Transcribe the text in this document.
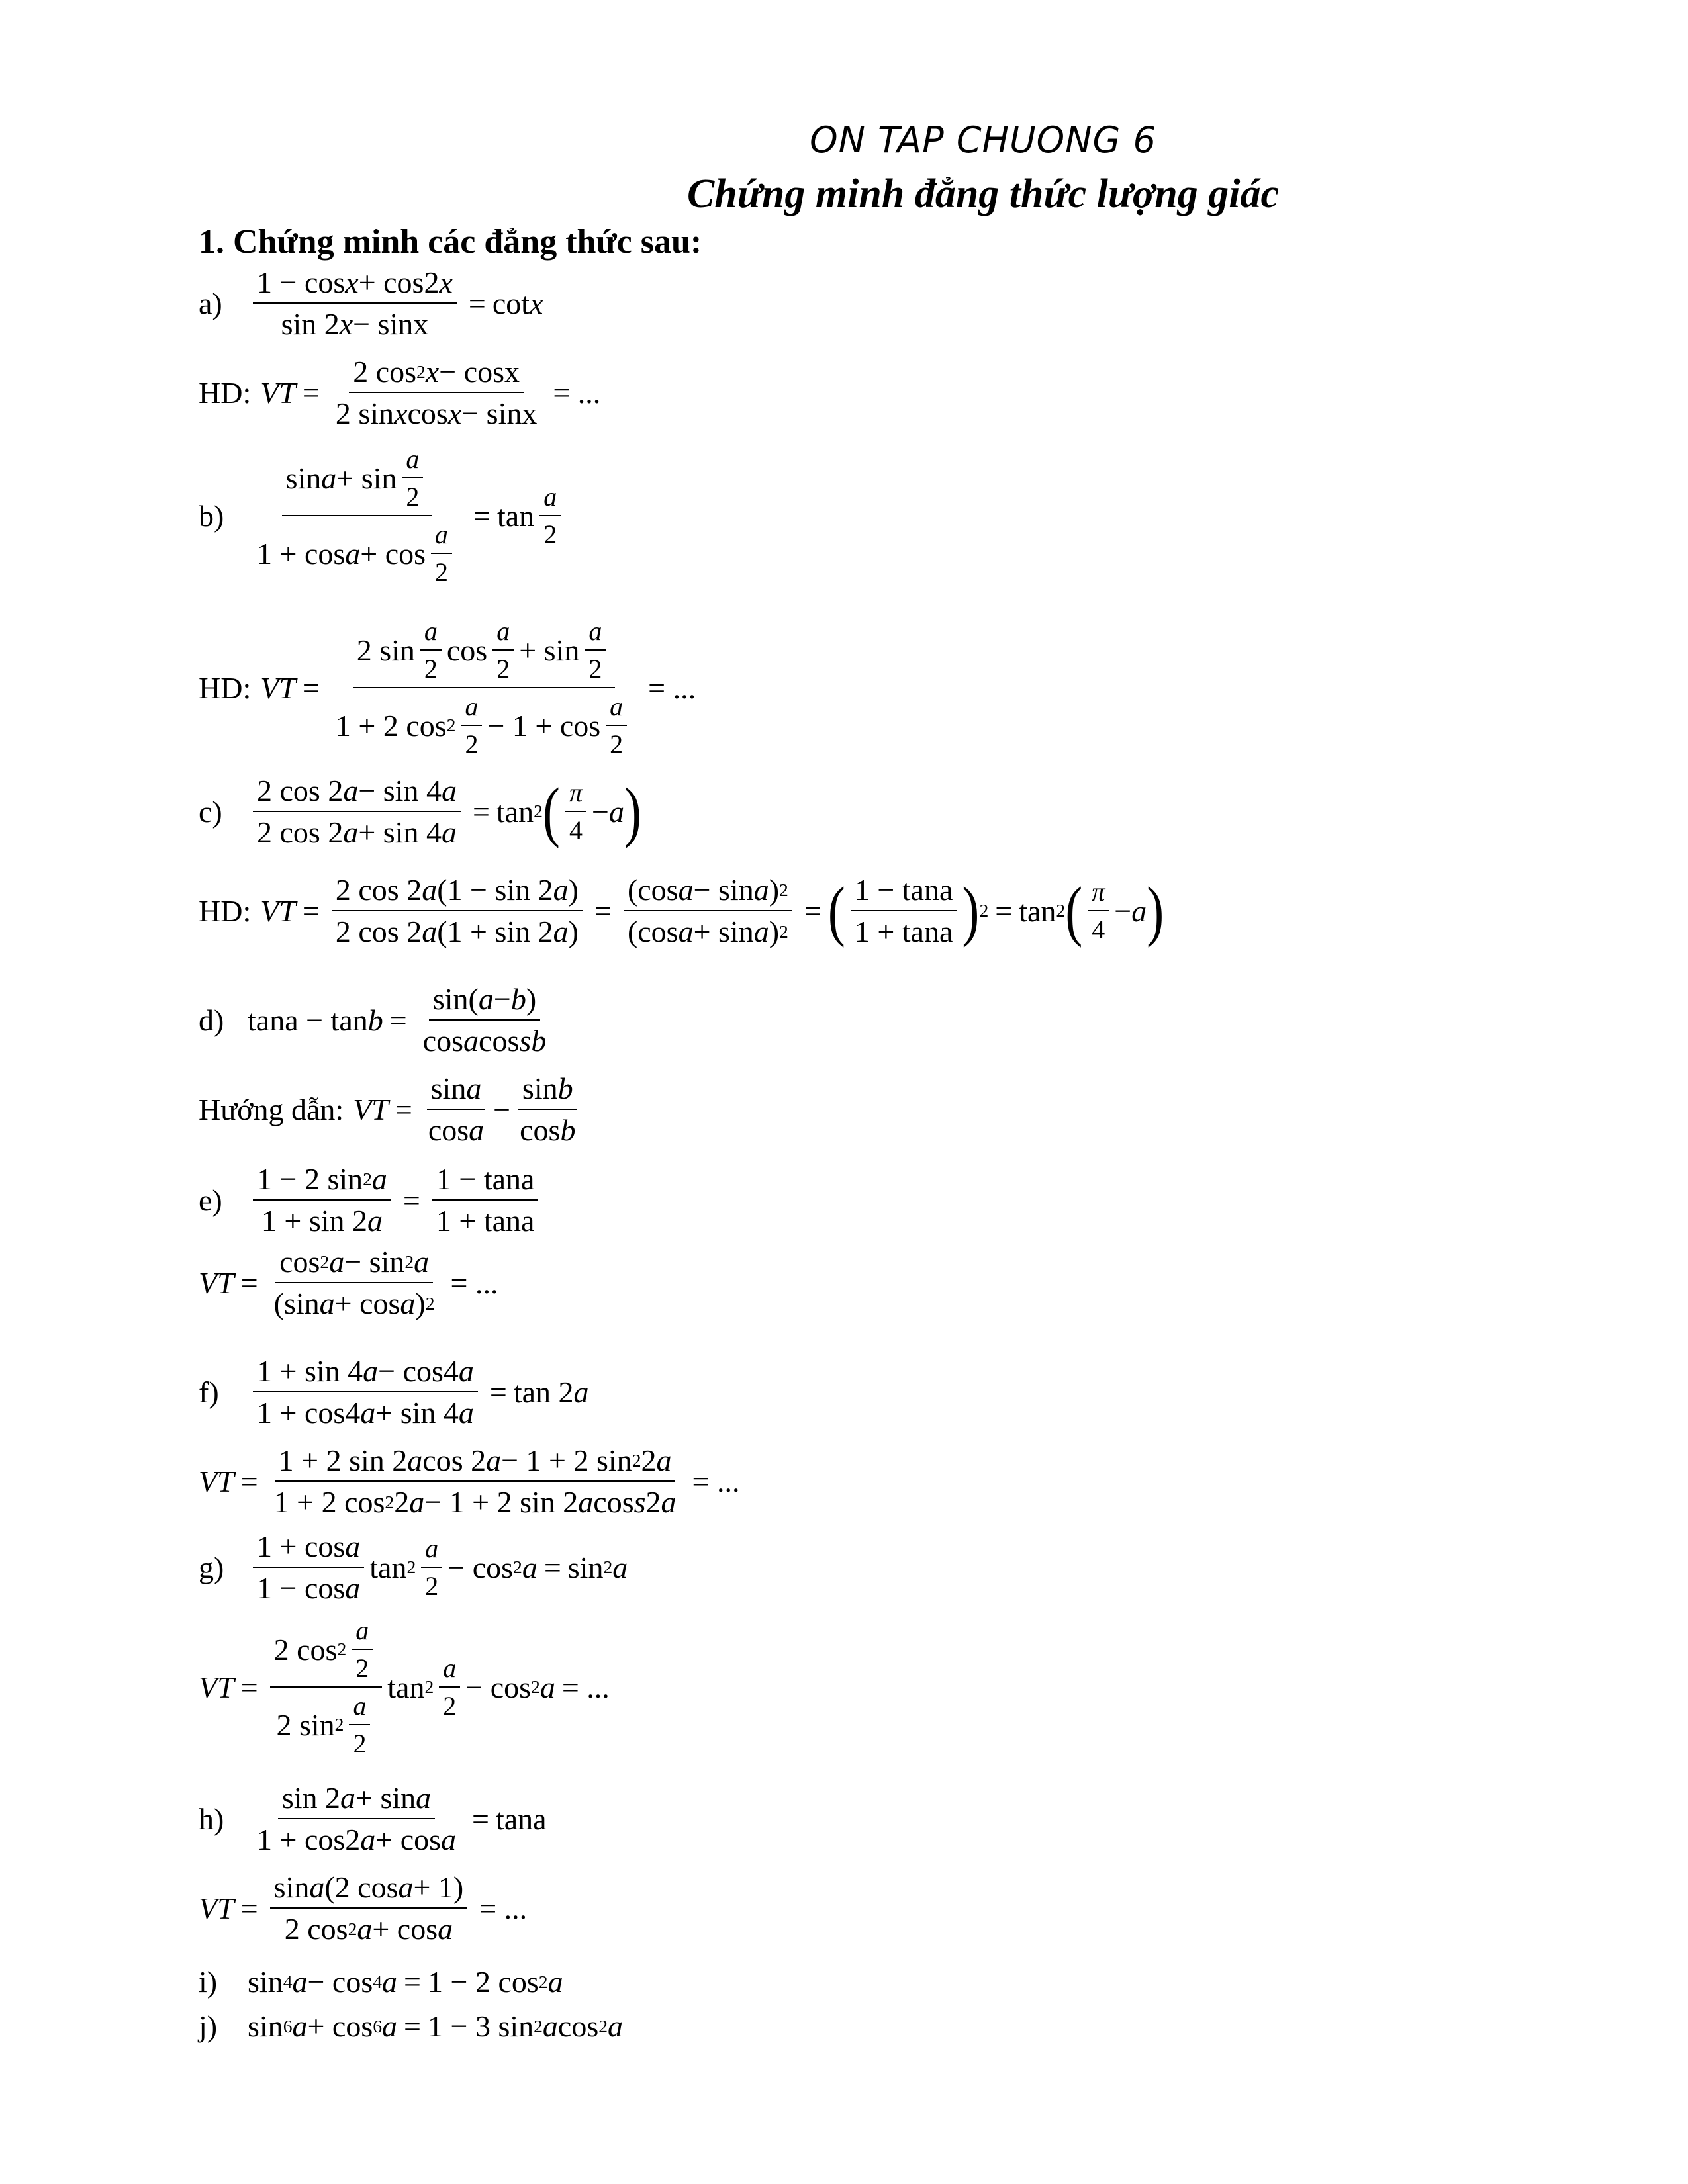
ON TAP CHUONG 6
Chứng minh đẳng thức lượng giác
1. Chứng minh các đẳng thức sau:
a)	$\frac{\text{1 − cos x + cos2 x}}{\sin 2 x - \sin x} = \cot x$
HD: VT = $\frac{2 \cos 2 x - \cos x}{\text{2 sin x cos x − sinx}}$ = ...
$b) \frac{\sin a + \sin \frac{a}{2}}{1 + \cos a + \cos \frac{a}{2}} = \tan \frac{a}{2}$
HD: VT = $\frac{2 \sin \frac{a}{2} \cos \frac{a}{2} + \sin \frac{a}{2}}{1 + 2 \cos 2 \frac{a}{2} - 1 + \cos \frac{a}{2}}$ = ...
c)	$\frac{2 \cos 2 a - \sin 4 a}{2 \cos 2 a + \sin 4 a} = \tan 2$ ( $\frac{\pi}{4} - a$ )
HD: VT = $\frac{2 \cos 2 a (1 - \sin 2 a )}{2 \cos 2 a (1 + \sin 2 a )} = \frac{\text{(cos a − sin a ) 2}}{\text{(cos a + sin a ) 2}}$ = ( $\frac{1 - \tan a}{1 + \tan a}$ ) 2 = tan 2 ( $\frac{\pi}{4} - a$ )
d) $\tan a - \tan b = \frac{\sin( a - b )}{\text{cos a cos sb}}$
Hướng dẫn: VT = $\frac{\text{sin a}}{\text{cos a}} - \frac{\text{sin b}}{\text{cos b}}$
e)	$\frac{1 - 2 \sin 2 a}{1 + \sin 2 a} = \frac{1 - \tan a}{1 + \tan a}$
VT = $\frac{\cos 2 a - \sin 2 a}{\text{(sin a + cos a ) 2}}$ = ...
f)	$\frac{1 + \sin 4 a - \cos 4 a}{1 + \cos 4 a + \sin 4 a} = \tan 2$ a
VT = $\frac{\text{1 + 2 sin 2 a cos 2 a − 1 + 2 sin 2 2 a}}{\text{1 + 2 cos 2 2 a − 1 + 2 sin 2 a cos s 2 a}}$ = ...
$g) \frac{\text{1 + cos a}}{\text{1 − cos a}}$ $\tan 2 \frac{a}{2} - \cos 2$ a = sin 2 a
VT = $\frac{2 \cos 2 \frac{a}{2}}{2 \sin 2 \frac{a}{2}}$ $\tan 2 \frac{a}{2} - \cos 2$ a = ...
$h) \frac{\text{sin 2 a + sin a}}{\text{1 + cos2 a + cos a}} = \tan a$
VT = $\frac{\text{sin a (2 cos a + 1)}}{\text{2 cos 2 a + cos a}}$ = ...
i) sin 4 a − cos 4 a = 1 − 2 cos 2 a
j) sin 6 a + cos 6 a = 1 − 3 sin 2 a cos 2 a
